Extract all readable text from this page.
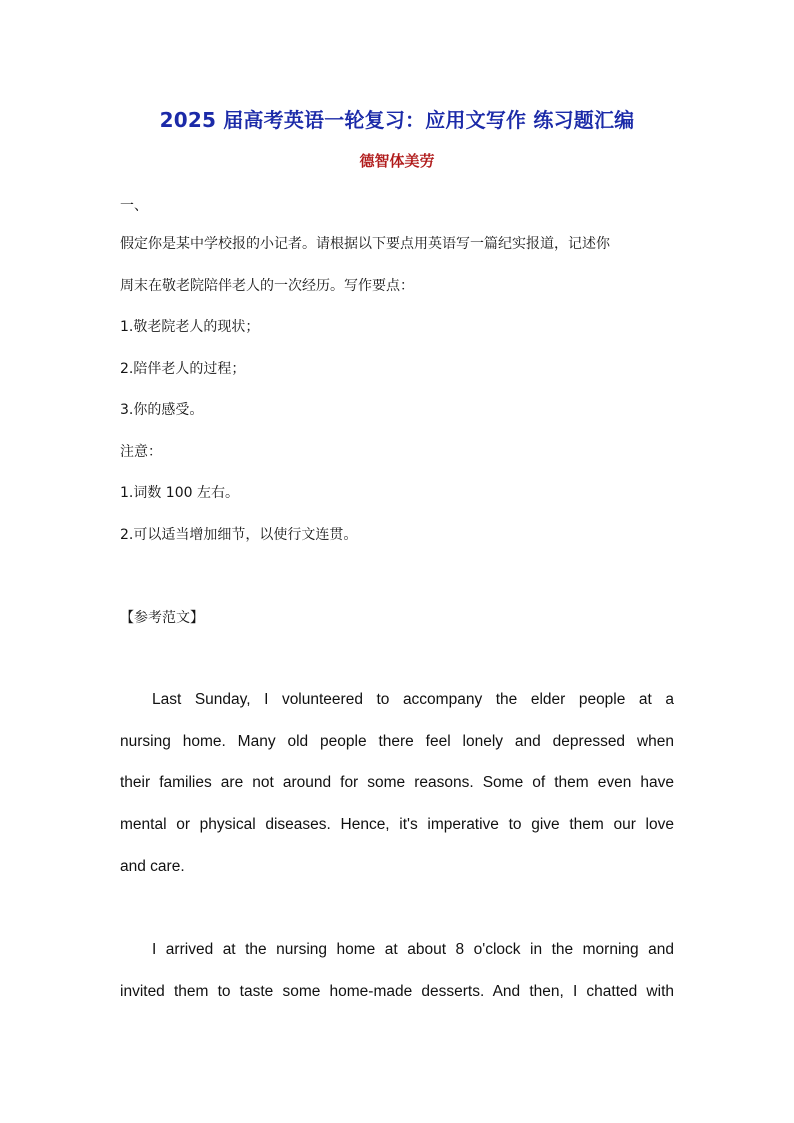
2025 届高考英语一轮复习：应用文写作 练习题汇编
德智体美劳
一、
假定你是某中学校报的小记者。请根据以下要点用英语写一篇纪实报道，记述你
周末在敬老院陪伴老人的一次经历。写作要点：
1.敬老院老人的现状；
2.陪伴老人的过程；
3.你的感受。
注意：
1.词数 100 左右。
2.可以适当增加细节，以使行文连贯。
【参考范文】
Last Sunday, I volunteered to accompany the elder people at a
nursing home. Many old people there feel lonely and depressed when
their families are not around for some reasons. Some of them even have
mental or physical diseases. Hence, it's imperative to give them our love
and care.
I arrived at the nursing home at about 8 o'clock in the morning and
invited them to taste some home-made desserts. And then, I chatted with
